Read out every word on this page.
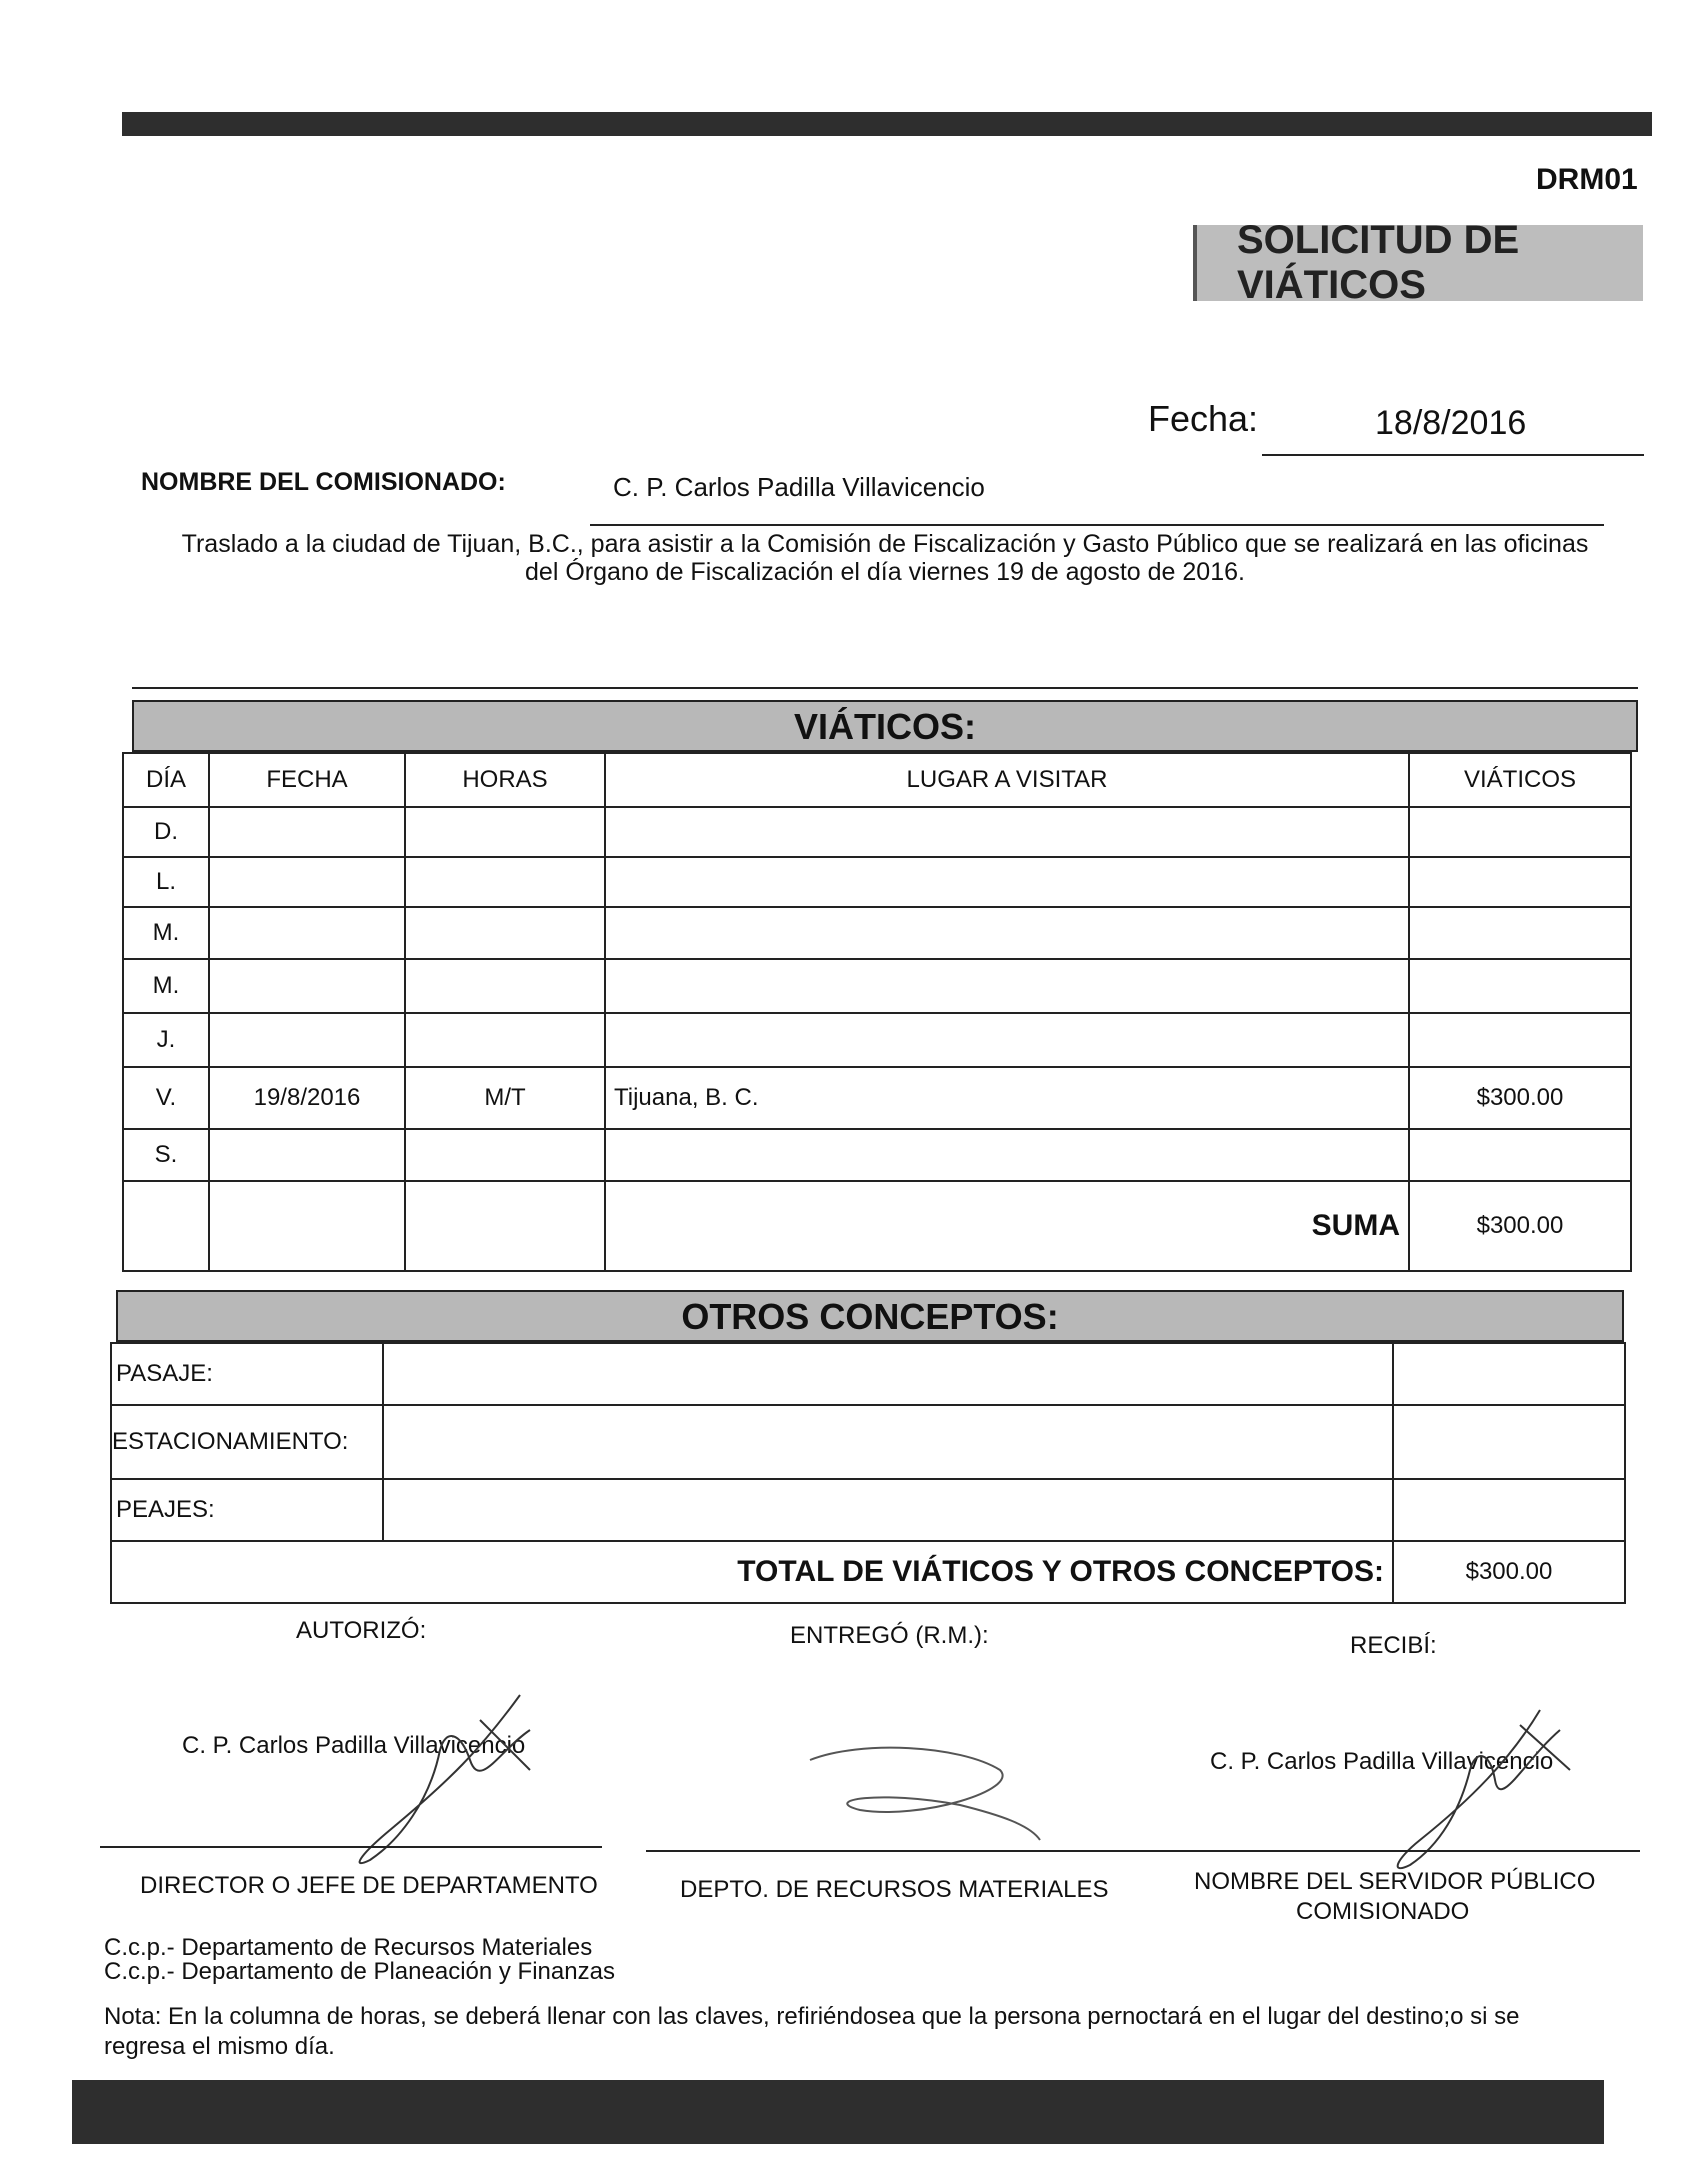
DRM01
SOLICITUD DE VIÁTICOS
Fecha:	18/8/2016
NOMBRE DEL COMISIONADO:	C. P. Carlos Padilla Villavicencio
Traslado a la ciudad de Tijuan, B.C., para asistir a la Comisión de Fiscalización y Gasto Público que se realizará en las oficinas del Órgano de Fiscalización el día viernes 19 de agosto de 2016.
VIÁTICOS:
DÍA	FECHA	HORAS	LUGAR A VISITAR	VIÁTICOS
D.				
L.				
M.				
M.				
J.				
V.	19/8/2016	M/T	Tijuana, B. C.	$300.00
S.				
			SUMA	$300.00
OTROS CONCEPTOS:
PASAJE:		
ESTACIONAMIENTO:		
PEAJES:		
TOTAL DE VIÁTICOS Y OTROS CONCEPTOS:		$300.00
AUTORIZÓ:	ENTREGÓ (R.M.):	RECIBÍ:
C. P. Carlos Padilla Villavicencio
C. P. Carlos Padilla Villavicencio
DIRECTOR O JEFE DE DEPARTAMENTO	DEPTO. DE RECURSOS MATERIALES	NOMBRE DEL SERVIDOR PÚBLICO
COMISIONADO
C.c.p.- Departamento de Recursos Materiales
C.c.p.- Departamento de Planeación y Finanzas
Nota: En la columna de horas, se deberá llenar con las claves, refiriéndosea que la persona pernoctará en el lugar del destino;o si se regresa el mismo día.
